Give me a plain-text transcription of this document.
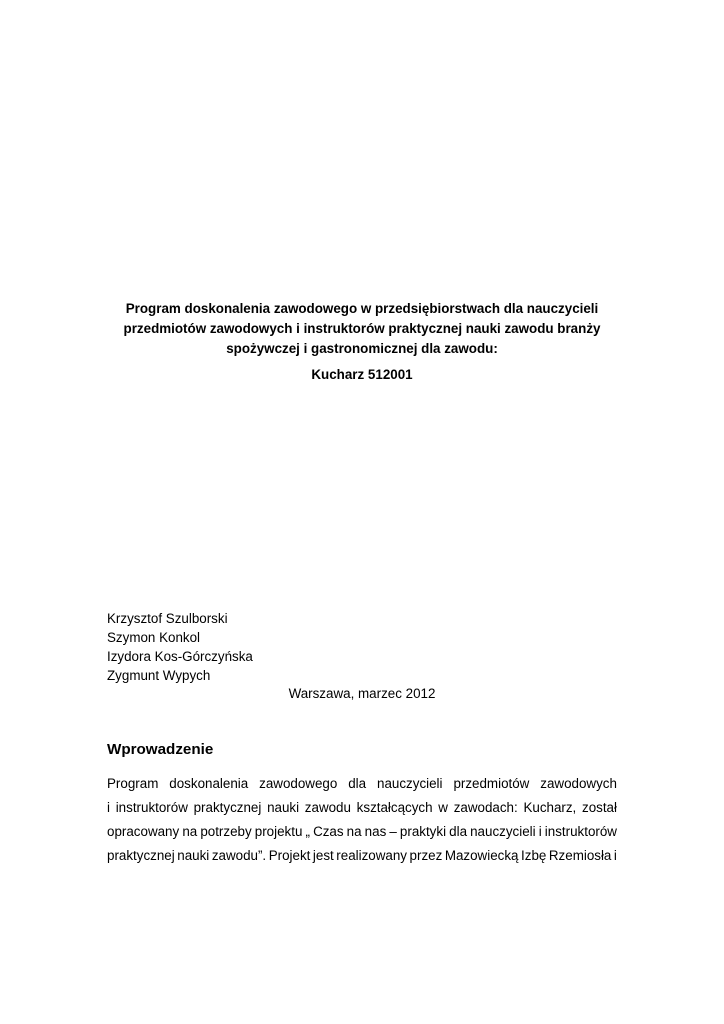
Program doskonalenia zawodowego w przedsiębiorstwach dla nauczycieli
przedmiotów zawodowych i instruktorów praktycznej nauki zawodu branży
spożywczej i gastronomicznej dla zawodu:
Kucharz 512001
Krzysztof Szulborski
Szymon Konkol
Izydora Kos-Górczyńska
Zygmunt Wypych
Warszawa, marzec 2012
Wprowadzenie
Program doskonalenia zawodowego dla nauczycieli przedmiotów zawodowych
i instruktorów praktycznej nauki zawodu kształcących w zawodach: Kucharz, został
opracowany na potrzeby projektu „ Czas na nas – praktyki dla nauczycieli i instruktorów
praktycznej nauki zawodu”. Projekt jest realizowany przez Mazowiecką Izbę Rzemiosła i
